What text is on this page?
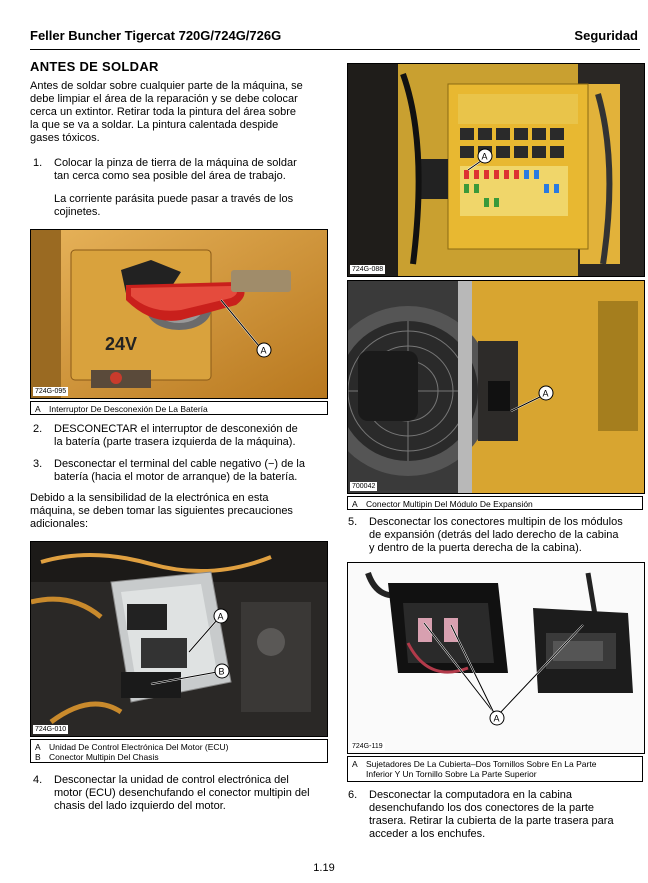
Feller Buncher Tigercat 720G/724G/726G	Seguridad
ANTES DE SOLDAR
Antes de soldar sobre cualquier parte de la máquina, se
debe limpiar el área de la reparación y se debe colocar
cerca un extintor. Retirar toda la pintura del área sobre
la que se va a soldar. La pintura calentada despide
gases tóxicos.
1. Colocar la pinza de tierra de la máquina de soldar
tan cerca como sea posible del área de trabajo.
La corriente parásita puede pasar a través de los
cojinetes.
24V	A
724G-095
A Interruptor De Desconexión De La Batería
2. DESCONECTAR el interruptor de desconexión de
la batería (parte trasera izquierda de la máquina).
3. Desconectar el terminal del cable negativo (−) de la
batería (hacia el motor de arranque) de la batería.
Debido a la sensibilidad de la electrónica en esta
máquina, se deben tomar las siguientes precauciones
adicionales:
A
B
724G-010
A Unidad De Control Electrónica Del Motor (ECU)
B Conector Multipin Del Chasis
4. Desconectar la unidad de control electrónica del
motor (ECU) desenchufando el conector multipin del
chasis del lado izquierdo del motor.
A
724G-088
A
700042
A Conector Multipin Del Módulo De Expansión
5. Desconectar los conectores multipin de los módulos
de expansión (detrás del lado derecho de la cabina
y dentro de la puerta derecha de la cabina).
A
724G-119
A Sujetadores De La Cubierta–Dos Tornillos Sobre En La Parte
Inferior Y Un Tornillo Sobre La Parte Superior
6. Desconectar la computadora en la cabina
desenchufando los dos conectores de la parte
trasera. Retirar la cubierta de la parte trasera para
acceder a los enchufes.
1.19
